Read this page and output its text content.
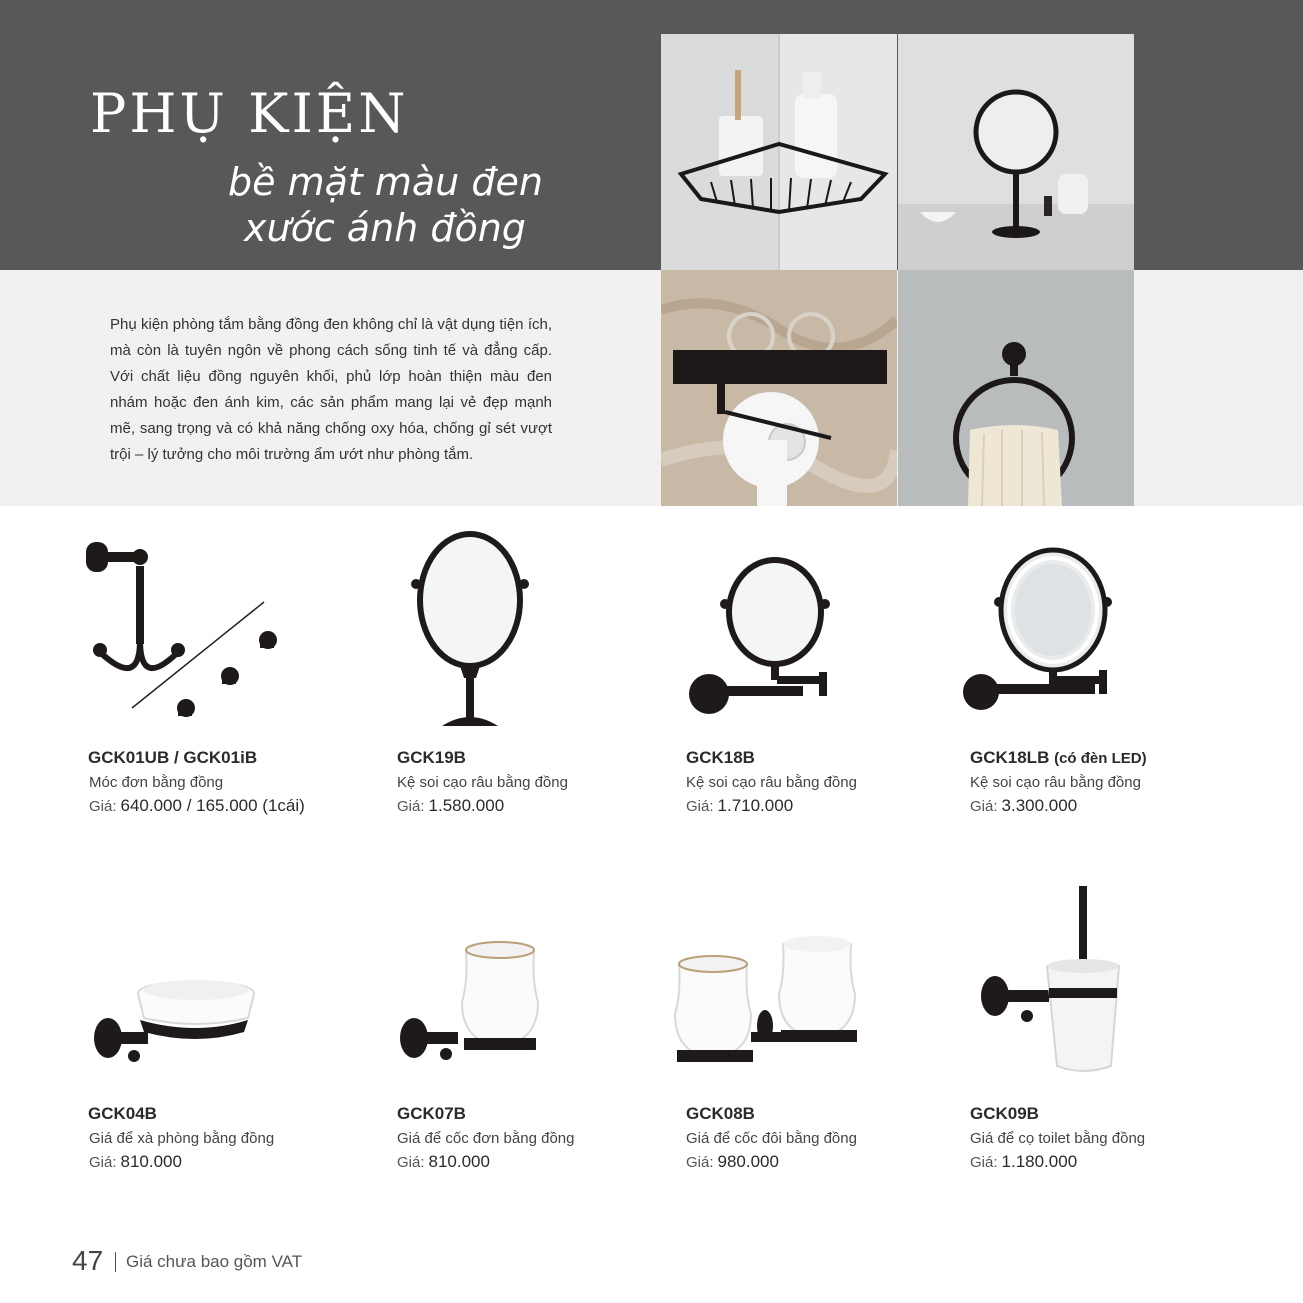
PHỤ KIỆN
bề mặt màu đen
xước ánh đồng

Phụ kiện phòng tắm bằng đồng đen không chỉ là vật dụng tiện ích, mà còn là tuyên ngôn về phong cách sống tinh tế và đẳng cấp. Với chất liệu đồng nguyên khối, phủ lớp hoàn thiện màu đen nhám hoặc đen ánh kim, các sản phẩm mang lại vẻ đẹp mạnh mẽ, sang trọng và có khả năng chống oxy hóa, chống gỉ sét vượt trội – lý tưởng cho môi trường ẩm ướt như phòng tắm.

GCK01UB / GCK01iB
Móc đơn bằng đồng
Giá: 640.000 / 165.000 (1cái)
GCK19B
Kệ soi cạo râu bằng đồng
Giá: 1.580.000
GCK18B
Kệ soi cạo râu bằng đồng
Giá: 1.710.000
GCK18LB (có đèn LED)
Kệ soi cạo râu bằng đồng
Giá: 3.300.000
GCK04B
Giá để xà phòng bằng đồng
Giá: 810.000
GCK07B
Giá để cốc đơn bằng đồng
Giá: 810.000
GCK08B
Giá để cốc đôi bằng đồng
Giá: 980.000
GCK09B
Giá để cọ toilet bằng đồng
Giá: 1.180.000
47 Giá chưa bao gồm VAT
